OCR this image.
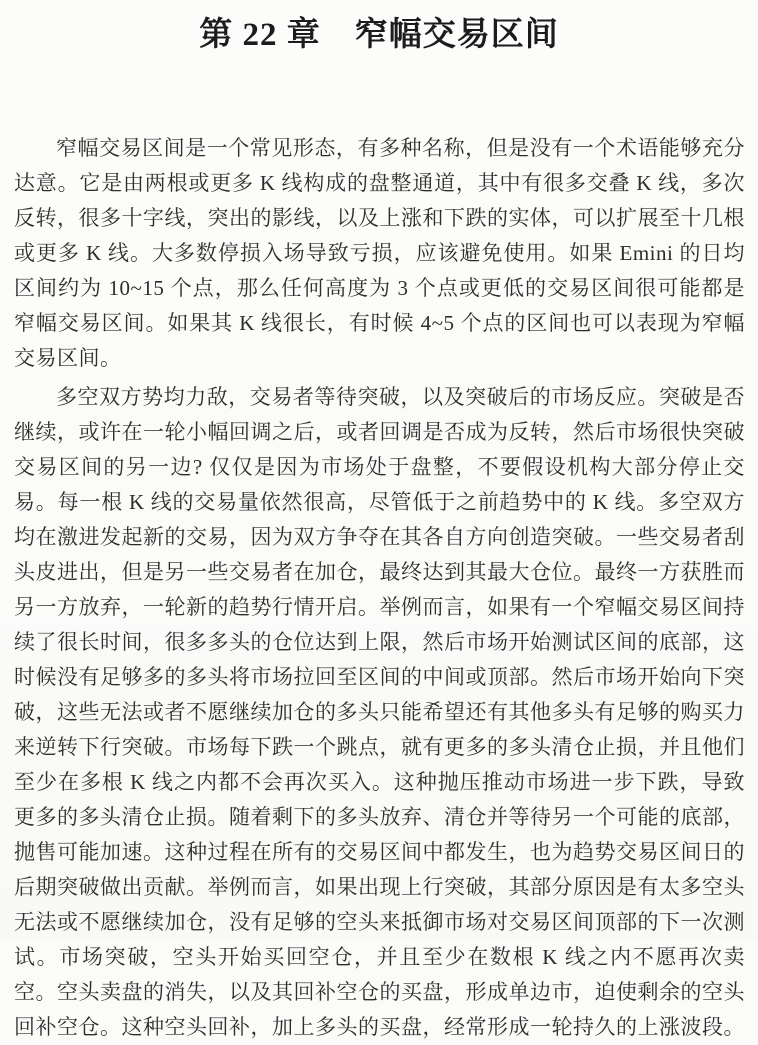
第 22 章　窄幅交易区间

窄幅交易区间是一个常见形态，有多种名称，但是没有一个术语能够充分达意。它是由两根或更多 K 线构成的盘整通道，其中有很多交叠 K 线，多次反转，很多十字线，突出的影线，以及上涨和下跌的实体，可以扩展至十几根或更多 K 线。大多数停损入场导致亏损，应该避免使用。如果 Emini 的日均区间约为 10~15 个点，那么任何高度为 3 个点或更低的交易区间很可能都是窄幅交易区间。如果其 K 线很长，有时候 4~5 个点的区间也可以表现为窄幅交易区间。

多空双方势均力敌，交易者等待突破，以及突破后的市场反应。突破是否继续，或许在一轮小幅回调之后，或者回调是否成为反转，然后市场很快突破交易区间的另一边? 仅仅是因为市场处于盘整，不要假设机构大部分停止交易。每一根 K 线的交易量依然很高，尽管低于之前趋势中的 K 线。多空双方均在激进发起新的交易，因为双方争夺在其各自方向创造突破。一些交易者刮头皮进出，但是另一些交易者在加仓，最终达到其最大仓位。最终一方获胜而另一方放弃，一轮新的趋势行情开启。举例而言，如果有一个窄幅交易区间持续了很长时间，很多多头的仓位达到上限，然后市场开始测试区间的底部，这时候没有足够多的多头将市场拉回至区间的中间或顶部。然后市场开始向下突破，这些无法或者不愿继续加仓的多头只能希望还有其他多头有足够的购买力来逆转下行突破。市场每下跌一个跳点，就有更多的多头清仓止损，并且他们至少在多根 K 线之内都不会再次买入。这种抛压推动市场进一步下跌，导致更多的多头清仓止损。随着剩下的多头放弃、清仓并等待另一个可能的底部，抛售可能加速。这种过程在所有的交易区间中都发生，也为趋势交易区间日的后期突破做出贡献。举例而言，如果出现上行突破，其部分原因是有太多空头无法或不愿继续加仓，没有足够的空头来抵御市场对交易区间顶部的下一次测试。市场突破，空头开始买回空仓，并且至少在数根 K 线之内不愿再次卖空。空头卖盘的消失，以及其回补空仓的买盘，形成单边市，迫使剩余的空头回补空仓。这种空头回补，加上多头的买盘，经常形成一轮持久的上涨波段。
